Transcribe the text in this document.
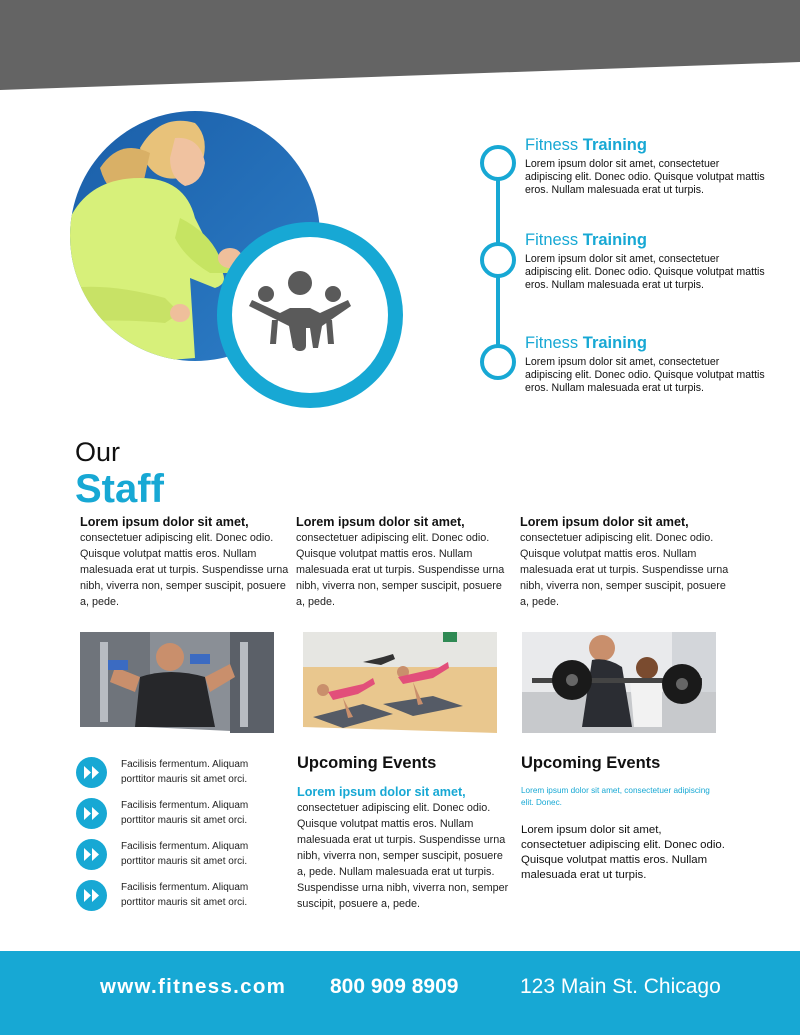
Fitness Training
Lorem ipsum dolor sit amet, consectetuer adipiscing elit. Donec odio. Quisque volutpat mattis eros. Nullam malesuada erat ut turpis.
Fitness Training
Lorem ipsum dolor sit amet, consectetuer adipiscing elit. Donec odio. Quisque volutpat mattis eros. Nullam malesuada erat ut turpis.
Fitness Training
Lorem ipsum dolor sit amet, consectetuer adipiscing elit. Donec odio. Quisque volutpat mattis eros. Nullam malesuada erat ut turpis.
Our
Staff
Lorem ipsum dolor sit amet,
consectetuer adipiscing elit. Donec odio. Quisque volutpat mattis eros. Nullam malesuada erat ut turpis. Suspendisse urna nibh, viverra non, semper suscipit, posuere a, pede.
Lorem ipsum dolor sit amet,
consectetuer adipiscing elit. Donec odio. Quisque volutpat mattis eros. Nullam malesuada erat ut turpis. Suspendisse urna nibh, viverra non, semper suscipit, posuere a, pede.
Lorem ipsum dolor sit amet,
consectetuer adipiscing elit. Donec odio. Quisque volutpat mattis eros. Nullam malesuada erat ut turpis. Suspendisse urna nibh, viverra non, semper suscipit, posuere a, pede.
Facilisis fermentum. Aliquam porttitor mauris sit amet orci.
Facilisis fermentum. Aliquam porttitor mauris sit amet orci.
Facilisis fermentum. Aliquam porttitor mauris sit amet orci.
Facilisis fermentum. Aliquam porttitor mauris sit amet orci.
Upcoming Events
Lorem ipsum dolor sit amet,
consectetuer adipiscing elit. Donec odio. Quisque volutpat mattis eros. Nullam malesuada erat ut turpis. Suspendisse urna nibh, viverra non, semper suscipit, posuere a, pede. Nullam malesuada erat ut turpis. Suspendisse urna nibh, viverra non, semper suscipit, posuere a, pede.
Upcoming Events
Lorem ipsum dolor sit amet, consectetuer adipiscing elit. Donec.
Lorem ipsum dolor sit amet, consectetuer adipiscing elit. Donec odio. Quisque volutpat mattis eros. Nullam malesuada erat ut turpis.
www.fitness.com 800 909 8909	123 Main St. Chicago
